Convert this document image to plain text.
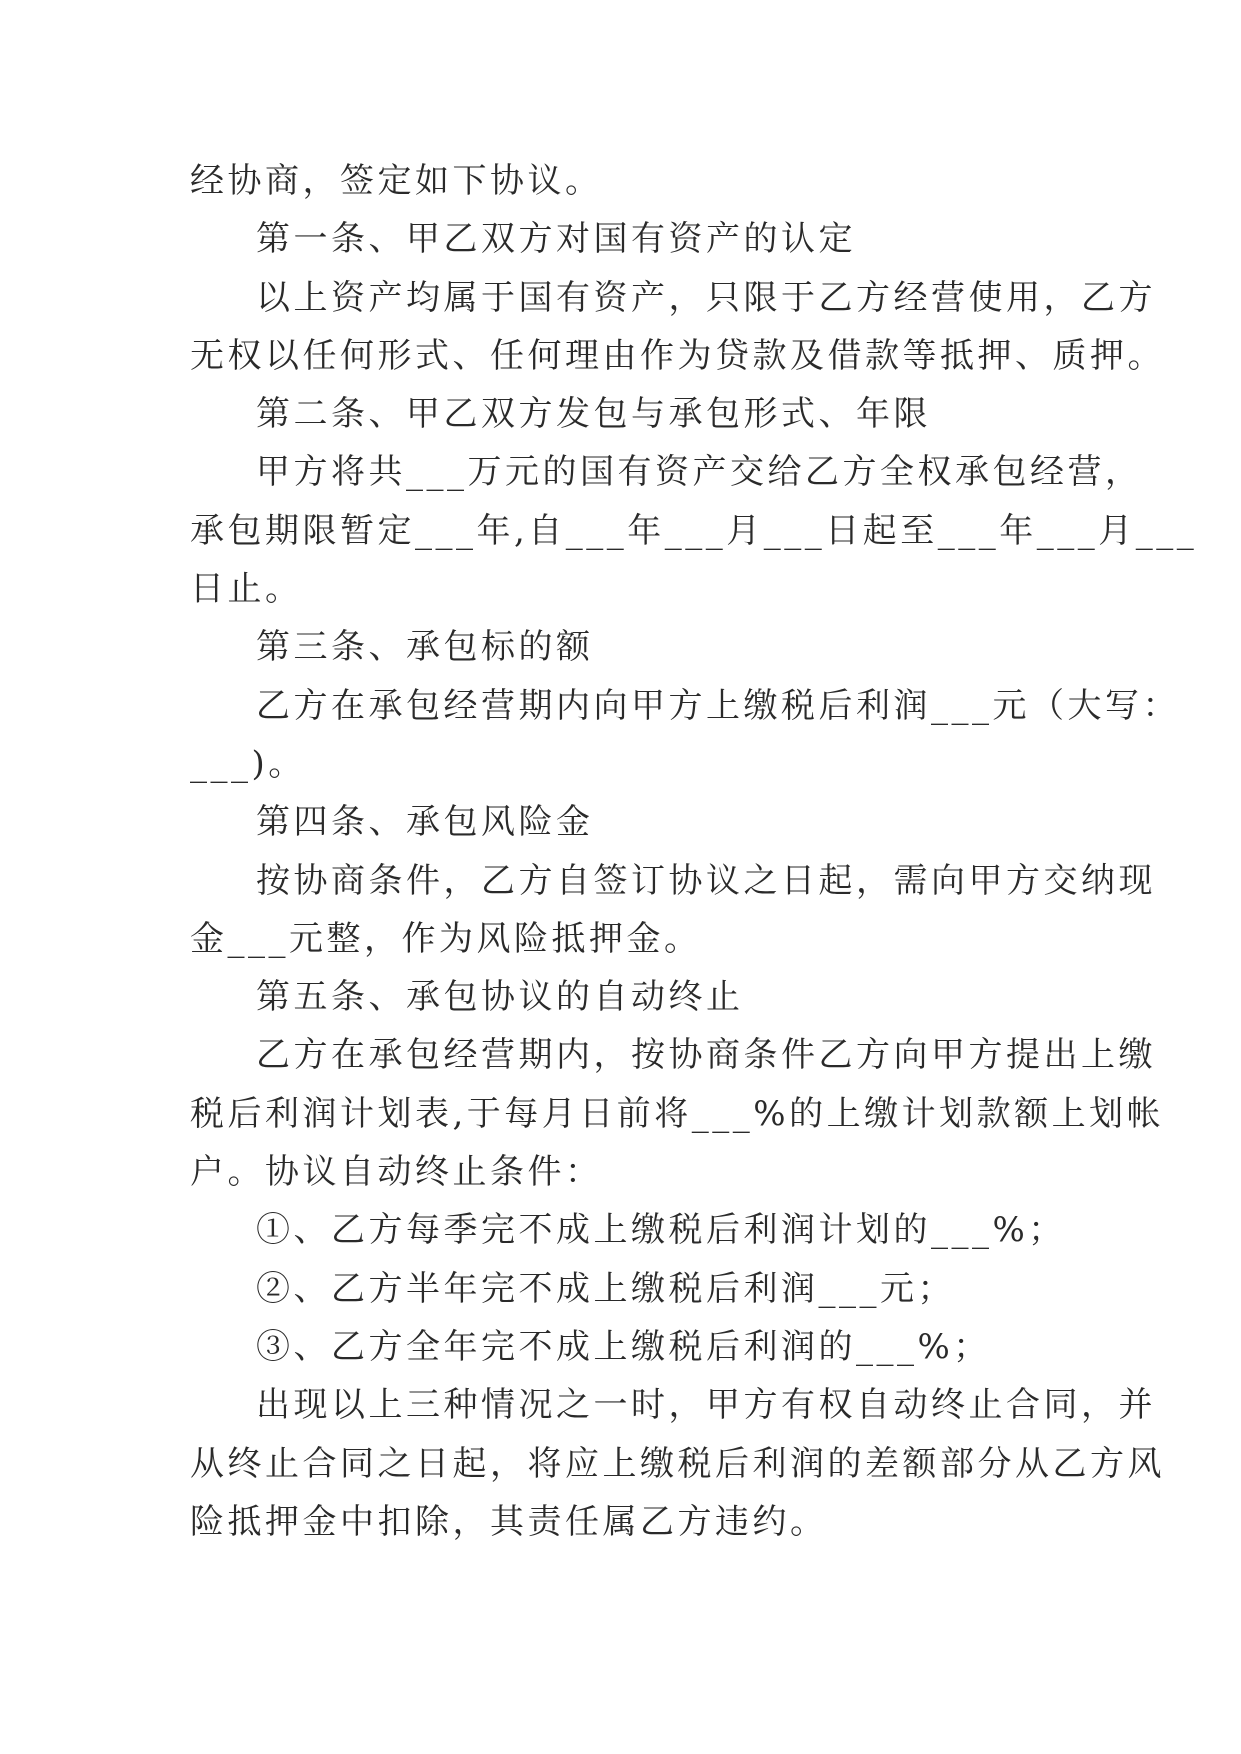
经协商，签定如下协议。
第一条、甲乙双方对国有资产的认定
以上资产均属于国有资产，只限于乙方经营使用，乙方
无权以任何形式、任何理由作为贷款及借款等抵押、质押。
第二条、甲乙双方发包与承包形式、年限
甲方将共___万元的国有资产交给乙方全权承包经营，
承包期限暂定___年,自___年___月___日起至___年___月___
日止。
第三条、承包标的额
乙方在承包经营期内向甲方上缴税后利润___元（大写：
___)。
第四条、承包风险金
按协商条件，乙方自签订协议之日起，需向甲方交纳现
金___元整，作为风险抵押金。
第五条、承包协议的自动终止
乙方在承包经营期内，按协商条件乙方向甲方提出上缴
税后利润计划表,于每月日前将___%的上缴计划款额上划帐
户。协议自动终止条件：
①、乙方每季完不成上缴税后利润计划的___%；
②、乙方半年完不成上缴税后利润___元；
③、乙方全年完不成上缴税后利润的___%；
出现以上三种情况之一时，甲方有权自动终止合同，并
从终止合同之日起，将应上缴税后利润的差额部分从乙方风
险抵押金中扣除，其责任属乙方违约。
